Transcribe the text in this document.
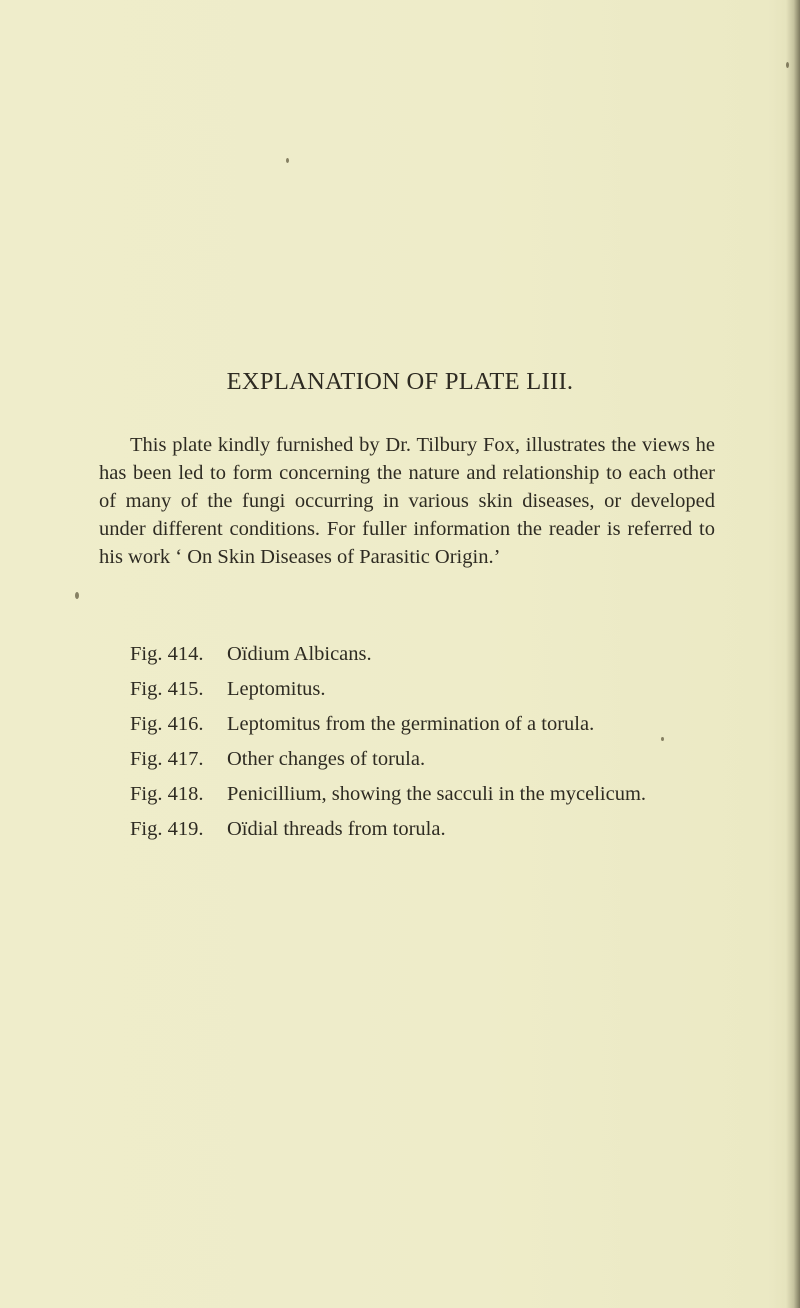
EXPLANATION OF PLATE LIII.

This plate kindly furnished by Dr. Tilbury Fox, illustrates the views he has been led to form concerning the nature and relationship to each other of many of the fungi occurring in various skin diseases, or developed under different conditions. For fuller information the reader is referred to his work ‘ On Skin Diseases of Parasitic Origin.’

Fig. 414. Oïdium Albicans.
Fig. 415. Leptomitus.
Fig. 416. Leptomitus from the germination of a torula.
Fig. 417. Other changes of torula.
Fig. 418. Penicillium, showing the sacculi in the mycelicum.
Fig. 419. Oïdial threads from torula.
